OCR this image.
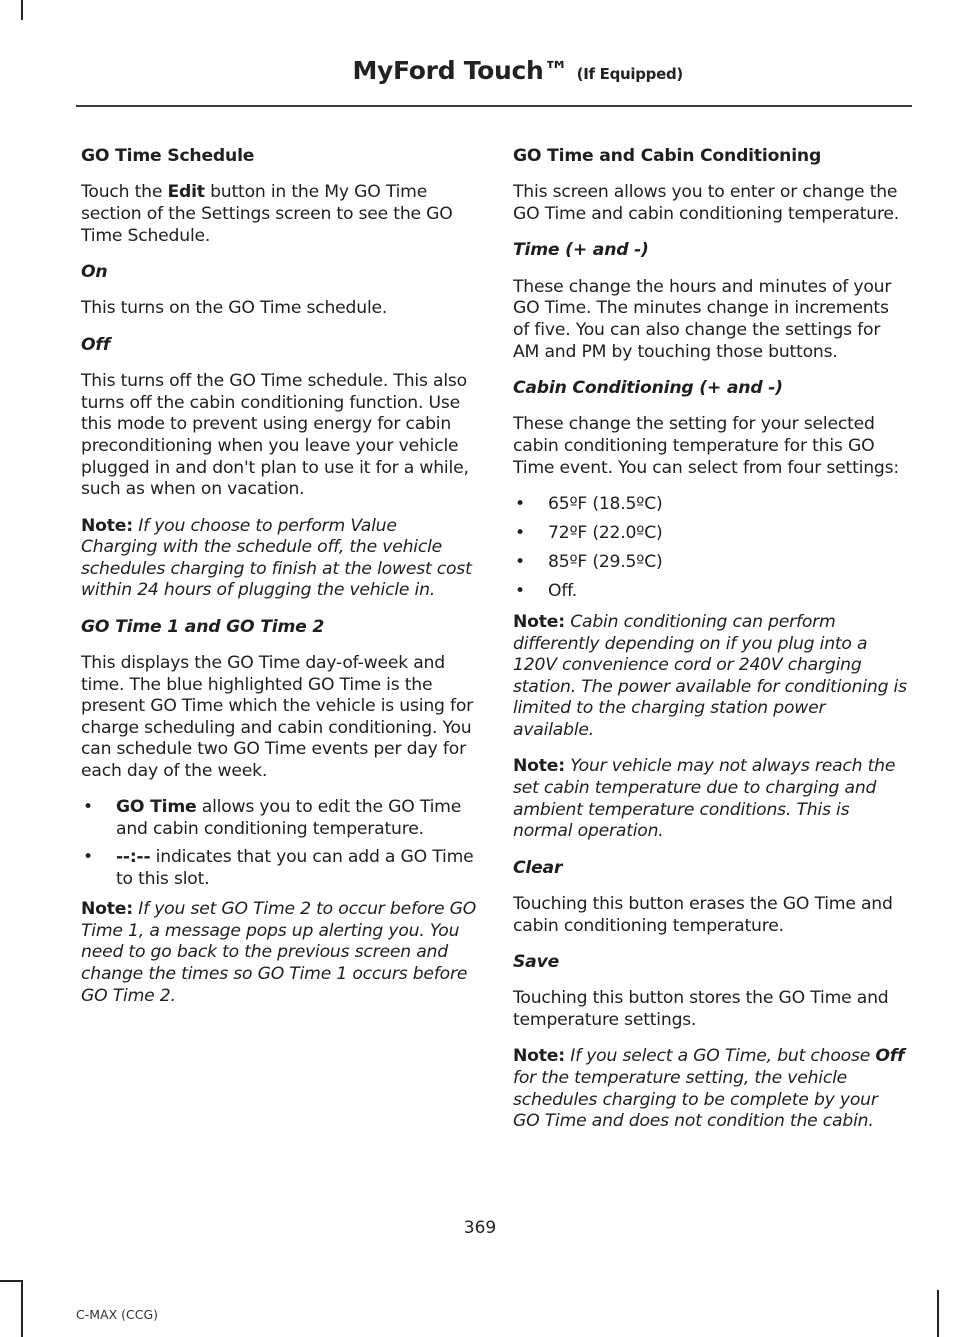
MyFord Touch™ (If Equipped)
GO Time Schedule

Touch the Edit button in the My GO Time section of the Settings screen to see the GO Time Schedule.

On

This turns on the GO Time schedule.

Off

This turns off the GO Time schedule. This also turns off the cabin conditioning function. Use this mode to prevent using energy for cabin preconditioning when you leave your vehicle plugged in and don't plan to use it for a while, such as when on vacation.

Note: If you choose to perform Value Charging with the schedule off, the vehicle schedules charging to finish at the lowest cost within 24 hours of plugging the vehicle in.

GO Time 1 and GO Time 2

This displays the GO Time day-of-week and time. The blue highlighted GO Time is the present GO Time which the vehicle is using for charge scheduling and cabin conditioning. You can schedule two GO Time events per day for each day of the week.

• GO Time allows you to edit the GO Time and cabin conditioning temperature.
• --:-- indicates that you can add a GO Time to this slot.

Note: If you set GO Time 2 to occur before GO Time 1, a message pops up alerting you. You need to go back to the previous screen and change the times so GO Time 1 occurs before GO Time 2.

GO Time and Cabin Conditioning

This screen allows you to enter or change the GO Time and cabin conditioning temperature.

Time (+ and -)

These change the hours and minutes of your GO Time. The minutes change in increments of five. You can also change the settings for AM and PM by touching those buttons.

Cabin Conditioning (+ and -)

These change the setting for your selected cabin conditioning temperature for this GO Time event. You can select from four settings:

• 65ºF (18.5ºC)
• 72ºF (22.0ºC)
• 85ºF (29.5ºC)
• Off.

Note: Cabin conditioning can perform differently depending on if you plug into a 120V convenience cord or 240V charging station. The power available for conditioning is limited to the charging station power available.

Note: Your vehicle may not always reach the set cabin temperature due to charging and ambient temperature conditions. This is normal operation.

Clear

Touching this button erases the GO Time and cabin conditioning temperature.

Save

Touching this button stores the GO Time and temperature settings.

Note: If you select a GO Time, but choose Off for the temperature setting, the vehicle schedules charging to be complete by your GO Time and does not condition the cabin.

369
C-MAX (CCG)
